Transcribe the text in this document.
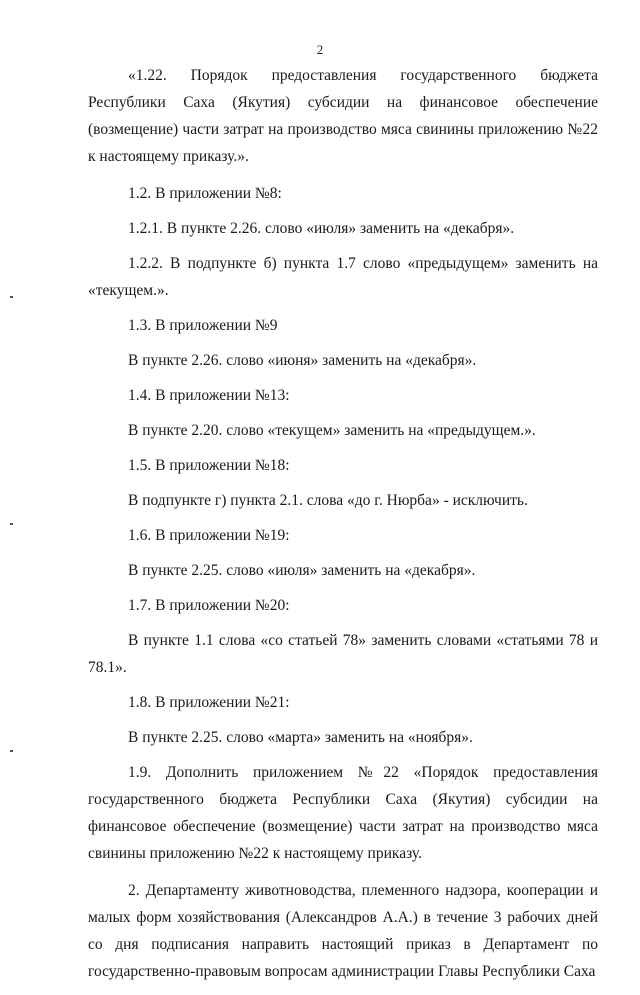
2

«1.22. Порядок предоставления государственного бюджета Республики Саха (Якутия) субсидии на финансовое обеспечение (возмещение) части затрат на производство мяса свинины приложению №22 к настоящему приказу.».

1.2. В приложении №8:

1.2.1. В пункте 2.26. слово «июля» заменить на «декабря».

1.2.2. В подпункте б) пункта 1.7 слово «предыдущем» заменить на «текущем.».

1.3. В приложении №9

В пункте 2.26. слово «июня» заменить на «декабря».

1.4. В приложении №13:

В пункте 2.20. слово «текущем» заменить на «предыдущем.».

1.5. В приложении №18:

В подпункте г) пункта 2.1. слова «до г. Нюрба» - исключить.

1.6. В приложении №19:

В пункте 2.25. слово «июля» заменить на «декабря».

1.7. В приложении №20:

В пункте 1.1 слова «со статьей 78» заменить словами «статьями 78 и 78.1».

1.8. В приложении №21:

В пункте 2.25. слово «марта» заменить на «ноября».

1.9. Дополнить приложением №22 «Порядок предоставления государственного бюджета Республики Саха (Якутия) субсидии на финансовое обеспечение (возмещение) части затрат на производство мяса свинины приложению №22 к настоящему приказу.

2. Департаменту животноводства, племенного надзора, кооперации и малых форм хозяйствования (Александров А.А.) в течение 3 рабочих дней со дня подписания направить настоящий приказ в Департамент по государственно-правовым вопросам администрации Главы Республики Саха
